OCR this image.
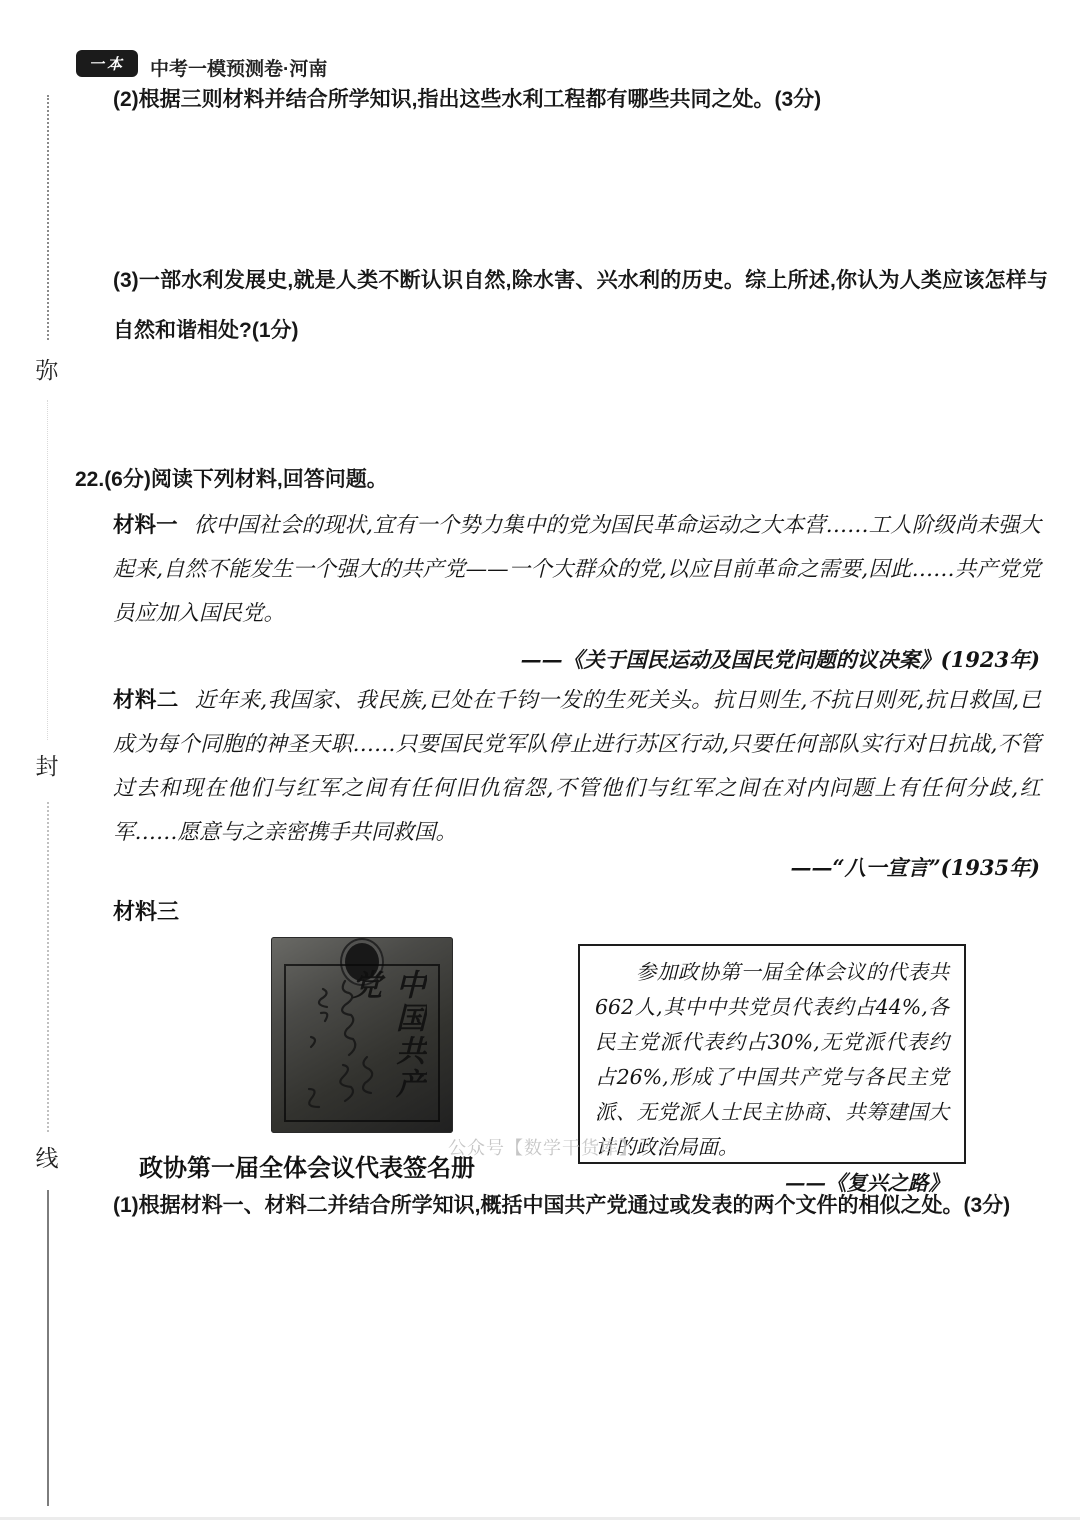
弥
封
线
一本	中考一模预测卷·河南
(2)根据三则材料并结合所学知识,指出这些水利工程都有哪些共同之处。(3分)
(3)一部水利发展史,就是人类不断认识自然,除水害、兴水利的历史。综上所述,你认为人类应该怎样与自然和谐相处?(1分)
22.(6分)阅读下列材料,回答问题。

材料一 依中国社会的现状,宜有一个势力集中的党为国民革命运动之大本营……工人阶级尚未强大起来,自然不能发生一个强大的共产党——一个大群众的党,以应目前革命之需要,因此……共产党党员应加入国民党。

——《关于国民运动及国民党问题的议决案》(1923年)

材料二 近年来,我国家、我民族,已处在千钧一发的生死关头。抗日则生,不抗日则死,抗日救国,已成为每个同胞的神圣天职……只要国民党军队停止进行苏区行动,只要任何部队实行对日抗战,不管过去和现在他们与红军之间有任何旧仇宿怨,不管他们与红军之间在对内问题上有任何分歧,红军……愿意与之亲密携手共同救国。

——“八一宣言”(1935年)
材料三
中国共产党	参加政协第一届全体会议的代表共662人,其中中共党员代表约占44%,各民主党派代表约占30%,无党派代表约占26%,形成了中国共产党与各民主党派、无党派人士民主协商、共筹建国大计的政治局面。
——《复兴之路》
公众号【数学干货库】
政协第一届全体会议代表签名册
(1)根据材料一、材料二并结合所学知识,概括中国共产党通过或发表的两个文件的相似之处。(3分)
